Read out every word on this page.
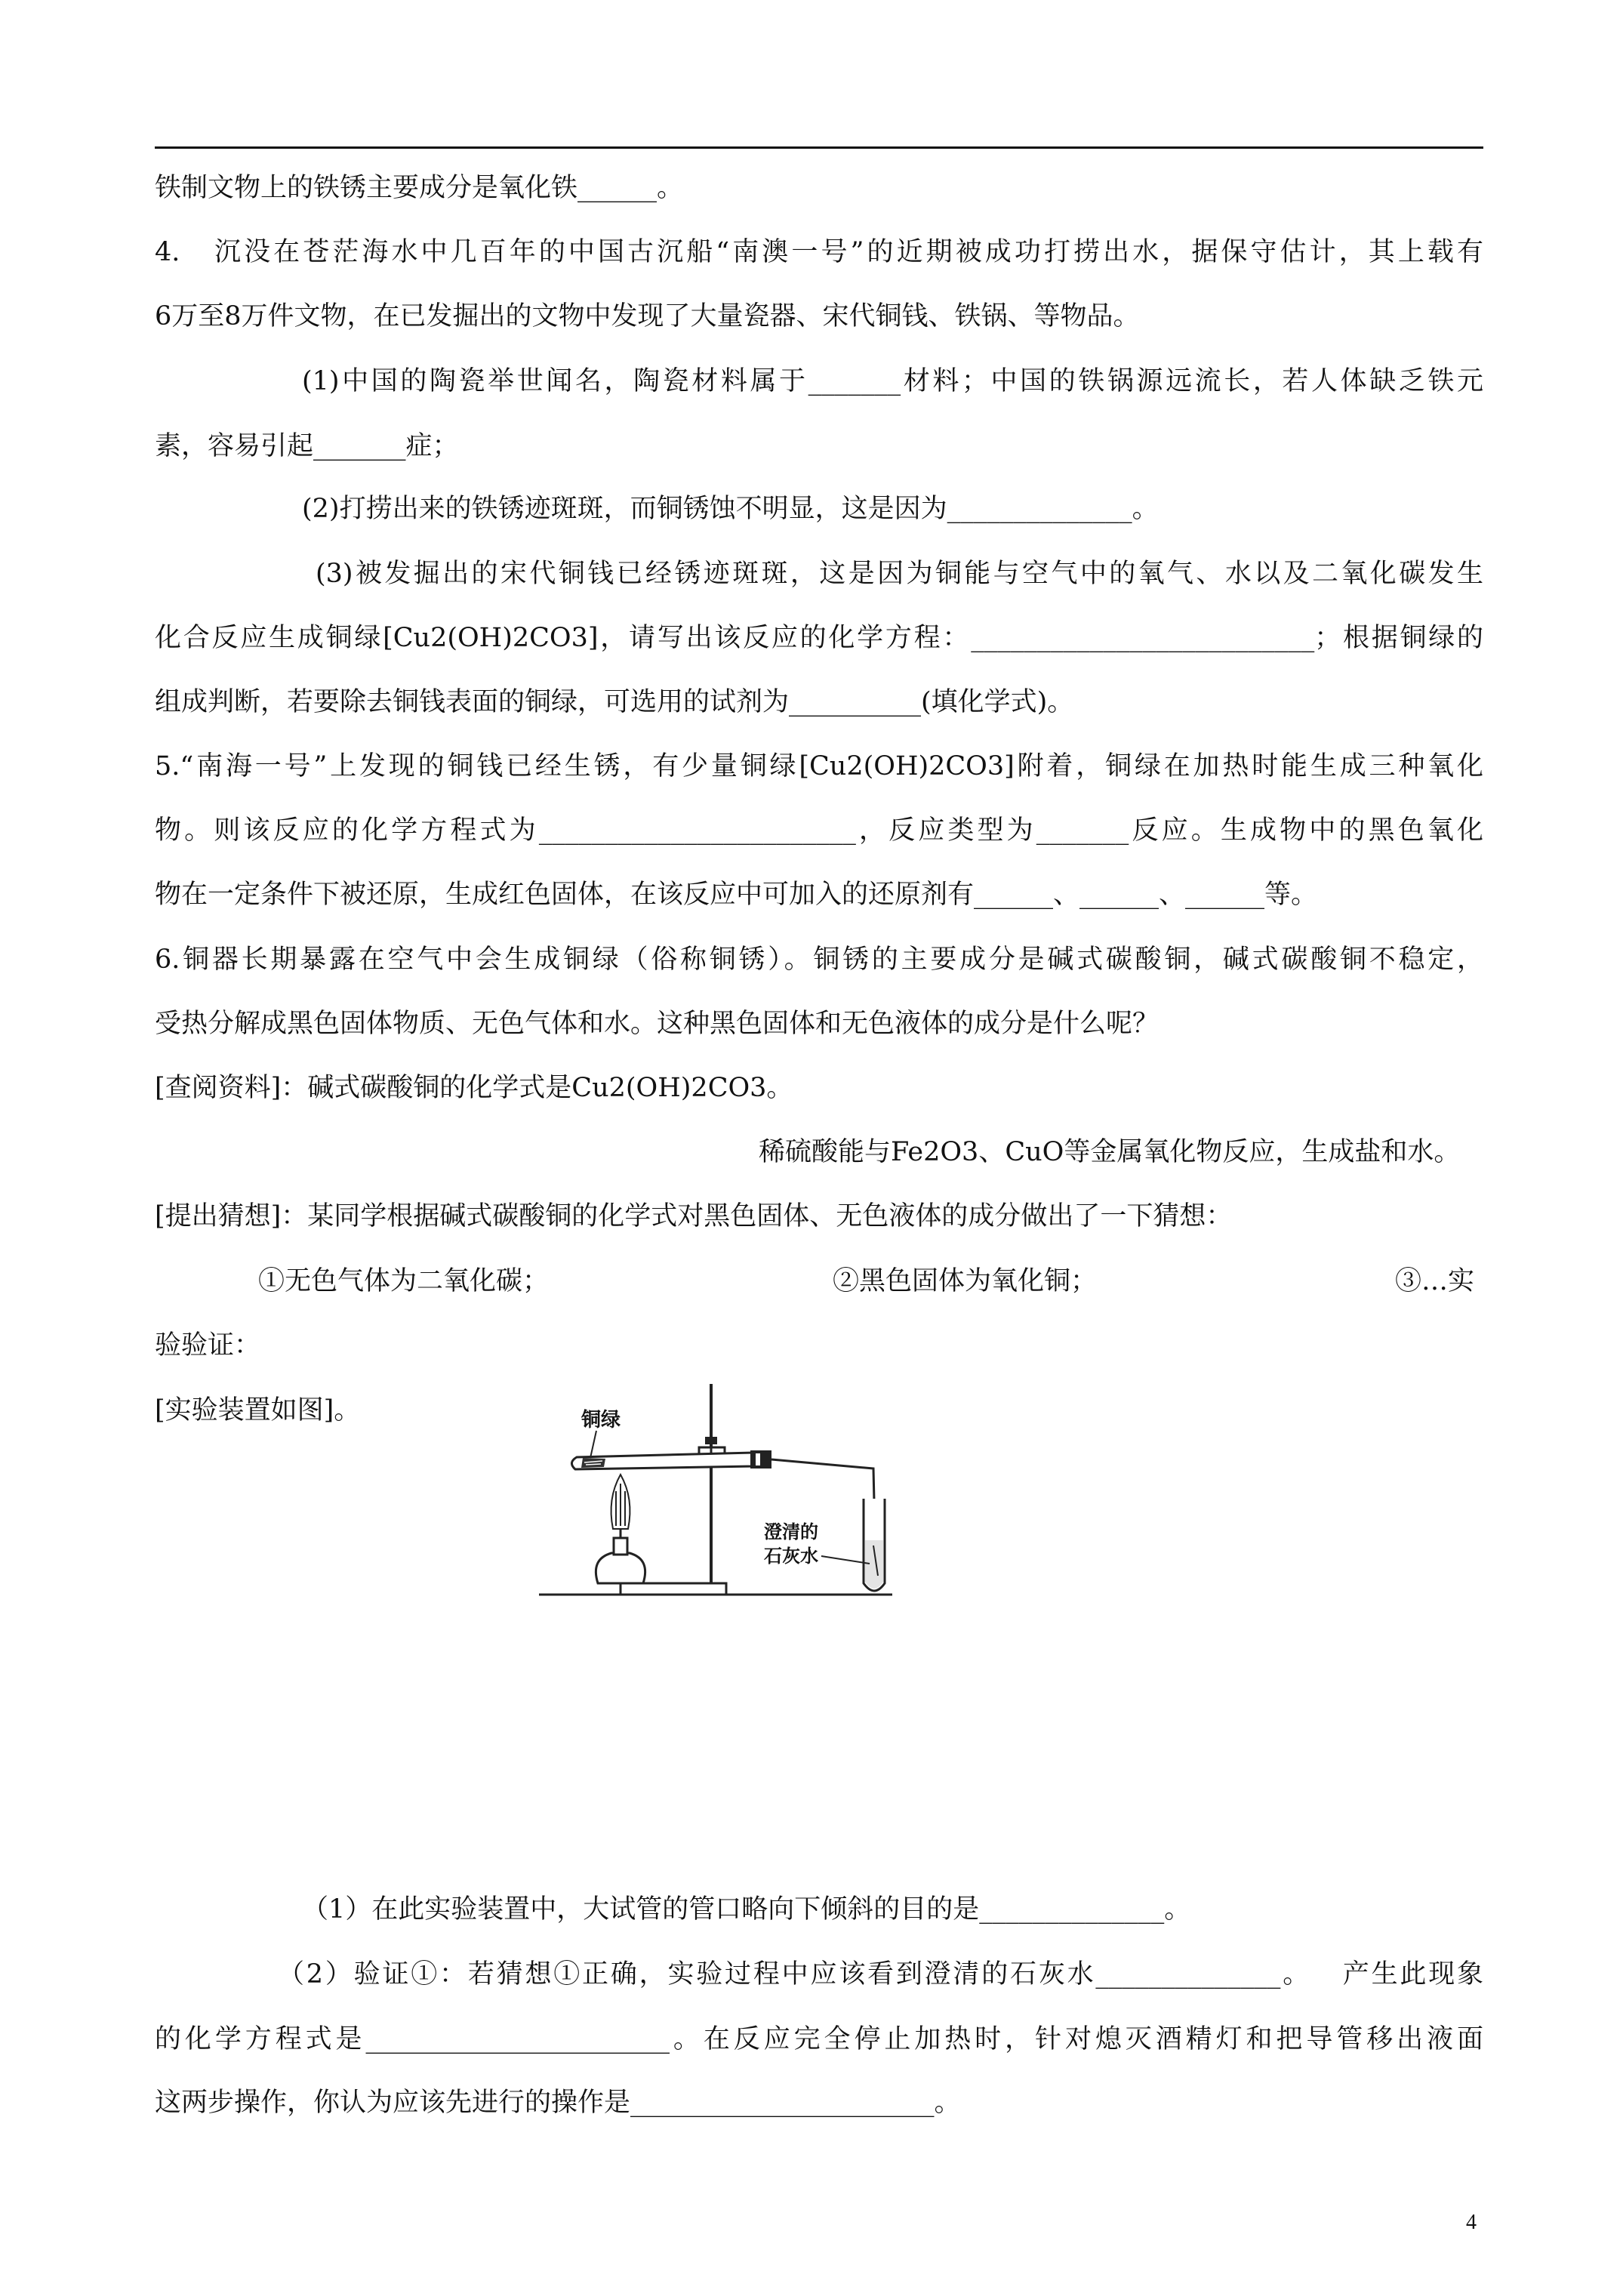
铁制文物上的铁锈主要成分是氧化铁______。
4.   沉没在苍茫海水中几百年的中国古沉船“南澳一号”的近期被成功打捞出水，据保守估计，其上载有
6万至8万件文物，在已发掘出的文物中发现了大量瓷器、宋代铜钱、铁锅、等物品。
(1)中国的陶瓷举世闻名，陶瓷材料属于_______材料；中国的铁锅源远流长，若人体缺乏铁元
素，容易引起_______症；
(2)打捞出来的铁锈迹斑斑，而铜锈蚀不明显，这是因为______________。
(3)被发掘出的宋代铜钱已经锈迹斑斑，这是因为铜能与空气中的氧气、水以及二氧化碳发生
化合反应生成铜绿[Cu2(OH)2CO3]，请写出该反应的化学方程：__________________________；根据铜绿的
组成判断，若要除去铜钱表面的铜绿，可选用的试剂为__________(填化学式)。
5.“南海一号”上发现的铜钱已经生锈，有少量铜绿[Cu2(OH)2CO3]附着，铜绿在加热时能生成三种氧化
物。则该反应的化学方程式为________________________，反应类型为_______反应。生成物中的黑色氧化
物在一定条件下被还原，生成红色固体，在该反应中可加入的还原剂有______、______、______等。
6.铜器长期暴露在空气中会生成铜绿（俗称铜锈）。铜锈的主要成分是碱式碳酸铜，碱式碳酸铜不稳定，
受热分解成黑色固体物质、无色气体和水。这种黑色固体和无色液体的成分是什么呢？
[查阅资料]：碱式碳酸铜的化学式是Cu2(OH)2CO3。
稀硫酸能与Fe2O3、CuO等金属氧化物反应，生成盐和水。
[提出猜想]：某同学根据碱式碳酸铜的化学式对黑色固体、无色液体的成分做出了一下猜想：
①无色气体为二氧化碳；	②黑色固体为氧化铜；	③…实
验验证：
[实验装置如图]。	铜绿
澄清的
石灰水
（1）在此实验装置中，大试管的管口略向下倾斜的目的是______________。
（2）验证①：若猜想①正确，实验过程中应该看到澄清的石灰水______________。   产生此现象
的化学方程式是_______________________。在反应完全停止加热时，针对熄灭酒精灯和把导管移出液面
这两步操作，你认为应该先进行的操作是_______________________。
4
